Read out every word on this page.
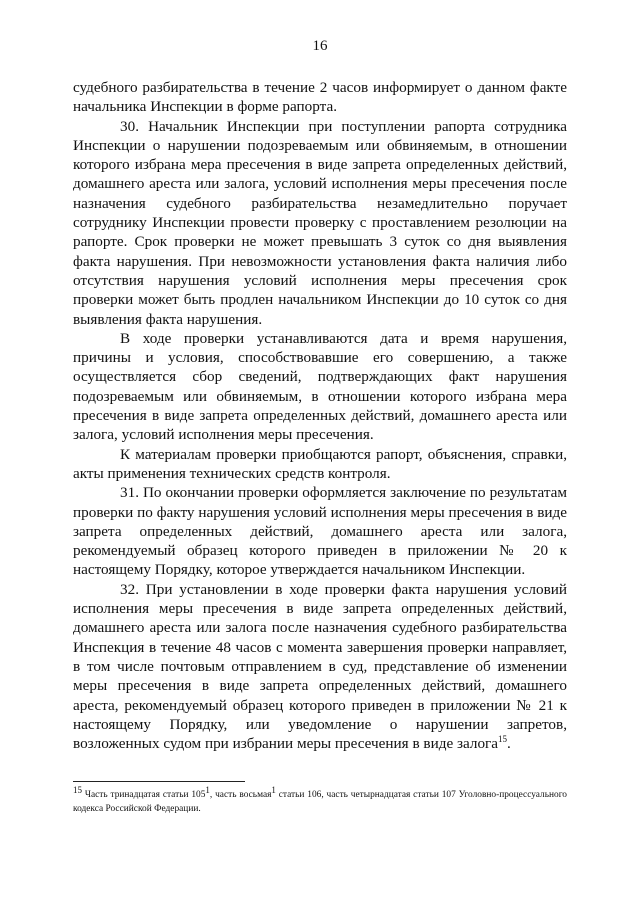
16

судебного разбирательства в течение 2 часов информирует о данном факте начальника Инспекции в форме рапорта.

30. Начальник Инспекции при поступлении рапорта сотрудника Инспекции о нарушении подозреваемым или обвиняемым, в отношении которого избрана мера пресечения в виде запрета определенных действий, домашнего ареста или залога, условий исполнения меры пресечения после назначения судебного разбирательства незамедлительно поручает сотруднику Инспекции провести проверку с проставлением резолюции на рапорте. Срок проверки не может превышать 3 суток со дня выявления факта нарушения. При невозможности установления факта наличия либо отсутствия нарушения условий исполнения меры пресечения срок проверки может быть продлен начальником Инспекции до 10 суток со дня выявления факта нарушения.

В ходе проверки устанавливаются дата и время нарушения, причины и условия, способствовавшие его совершению, а также осуществляется сбор сведений, подтверждающих факт нарушения подозреваемым или обвиняемым, в отношении которого избрана мера пресечения в виде запрета определенных действий, домашнего ареста или залога, условий исполнения меры пресечения.

К материалам проверки приобщаются рапорт, объяснения, справки, акты применения технических средств контроля.

31. По окончании проверки оформляется заключение по результатам проверки по факту нарушения условий исполнения меры пресечения в виде запрета определенных действий, домашнего ареста или залога, рекомендуемый образец которого приведен в приложении № 20 к настоящему Порядку, которое утверждается начальником Инспекции.

32. При установлении в ходе проверки факта нарушения условий исполнения меры пресечения в виде запрета определенных действий, домашнего ареста или залога после назначения судебного разбирательства Инспекция в течение 48 часов с момента завершения проверки направляет, в том числе почтовым отправлением в суд, представление об изменении меры пресечения в виде запрета определенных действий, домашнего ареста, рекомендуемый образец которого приведен в приложении № 21 к настоящему Порядку, или уведомление о нарушении запретов, возложенных судом при избрании меры пресечения в виде залога$^{15}$.

$^{15}$ Часть тринадцатая статьи $105^1$, часть восьмая$^1$ статьи 106, часть четырнадцатая статьи 107 Уголовно-процессуального кодекса Российской Федерации.
